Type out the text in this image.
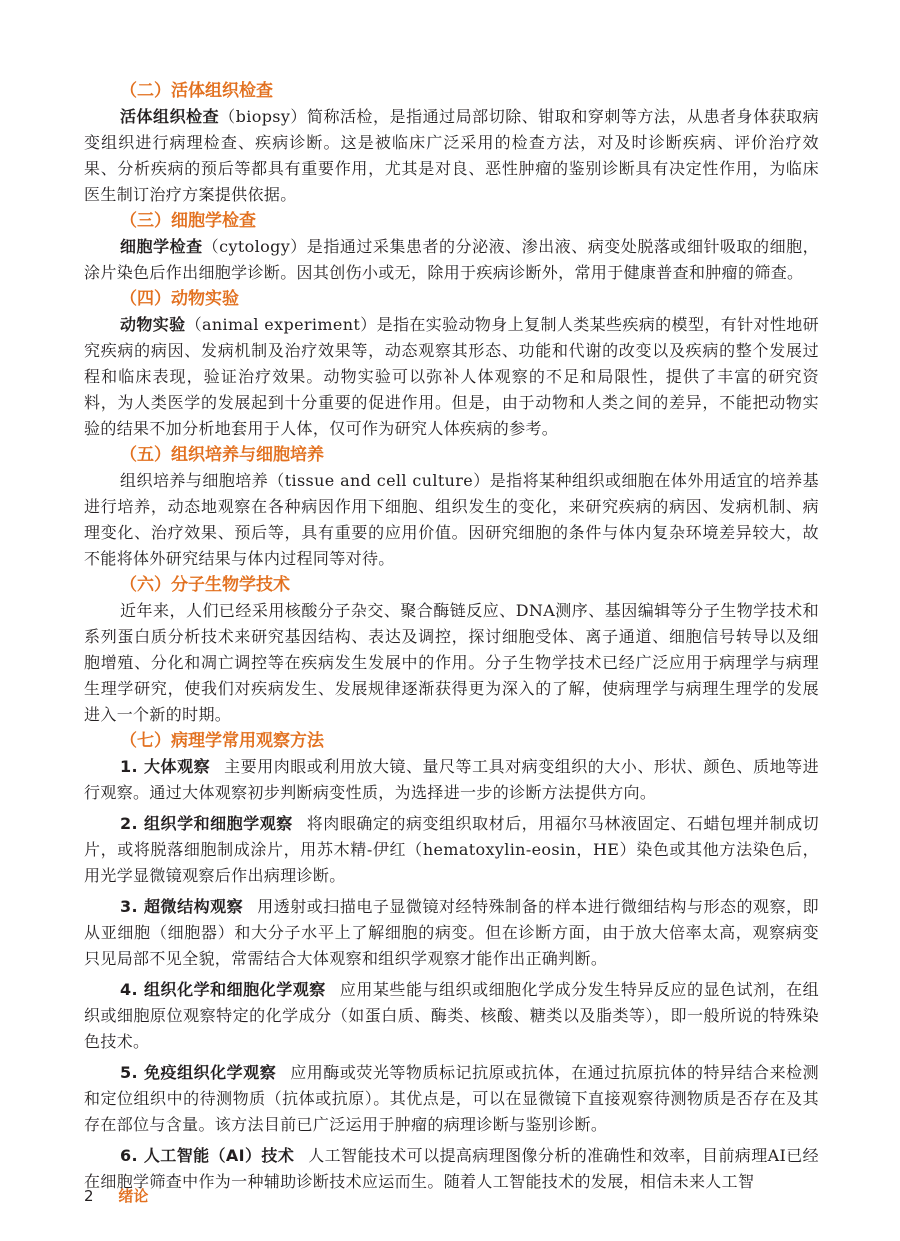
（二）活体组织检查

活体组织检查（biopsy）简称活检，是指通过局部切除、钳取和穿刺等方法，从患者身体获取病变组织进行病理检查、疾病诊断。这是被临床广泛采用的检查方法，对及时诊断疾病、评价治疗效果、分析疾病的预后等都具有重要作用，尤其是对良、恶性肿瘤的鉴别诊断具有决定性作用，为临床医生制订治疗方案提供依据。

（三）细胞学检查

细胞学检查（cytology）是指通过采集患者的分泌液、渗出液、病变处脱落或细针吸取的细胞，涂片染色后作出细胞学诊断。因其创伤小或无，除用于疾病诊断外，常用于健康普查和肿瘤的筛查。

（四）动物实验

动物实验（animal experiment）是指在实验动物身上复制人类某些疾病的模型，有针对性地研究疾病的病因、发病机制及治疗效果等，动态观察其形态、功能和代谢的改变以及疾病的整个发展过程和临床表现，验证治疗效果。动物实验可以弥补人体观察的不足和局限性，提供了丰富的研究资料，为人类医学的发展起到十分重要的促进作用。但是，由于动物和人类之间的差异，不能把动物实验的结果不加分析地套用于人体，仅可作为研究人体疾病的参考。

（五）组织培养与细胞培养

组织培养与细胞培养（tissue and cell culture）是指将某种组织或细胞在体外用适宜的培养基进行培养，动态地观察在各种病因作用下细胞、组织发生的变化，来研究疾病的病因、发病机制、病理变化、治疗效果、预后等，具有重要的应用价值。因研究细胞的条件与体内复杂环境差异较大，故不能将体外研究结果与体内过程同等对待。

（六）分子生物学技术

近年来，人们已经采用核酸分子杂交、聚合酶链反应、DNA测序、基因编辑等分子生物学技术和系列蛋白质分析技术来研究基因结构、表达及调控，探讨细胞受体、离子通道、细胞信号转导以及细胞增殖、分化和凋亡调控等在疾病发生发展中的作用。分子生物学技术已经广泛应用于病理学与病理生理学研究，使我们对疾病发生、发展规律逐渐获得更为深入的了解，使病理学与病理生理学的发展进入一个新的时期。

（七）病理学常用观察方法

1. 大体观察 主要用肉眼或利用放大镜、量尺等工具对病变组织的大小、形状、颜色、质地等进行观察。通过大体观察初步判断病变性质，为选择进一步的诊断方法提供方向。

2. 组织学和细胞学观察 将肉眼确定的病变组织取材后，用福尔马林液固定、石蜡包埋并制成切片，或将脱落细胞制成涂片，用苏木精-伊红（hematoxylin-eosin，HE）染色或其他方法染色后，用光学显微镜观察后作出病理诊断。

3. 超微结构观察 用透射或扫描电子显微镜对经特殊制备的样本进行微细结构与形态的观察，即从亚细胞（细胞器）和大分子水平上了解细胞的病变。但在诊断方面，由于放大倍率太高，观察病变只见局部不见全貌，常需结合大体观察和组织学观察才能作出正确判断。

4. 组织化学和细胞化学观察 应用某些能与组织或细胞化学成分发生特异反应的显色试剂，在组织或细胞原位观察特定的化学成分（如蛋白质、酶类、核酸、糖类以及脂类等），即一般所说的特殊染色技术。

5. 免疫组织化学观察 应用酶或荧光等物质标记抗原或抗体，在通过抗原抗体的特异结合来检测和定位组织中的待测物质（抗体或抗原）。其优点是，可以在显微镜下直接观察待测物质是否存在及其存在部位与含量。该方法目前已广泛运用于肿瘤的病理诊断与鉴别诊断。

6. 人工智能（AI）技术 人工智能技术可以提高病理图像分析的准确性和效率，目前病理AI已经在细胞学筛查中作为一种辅助诊断技术应运而生。随着人工智能技术的发展，相信未来人工智

2 绪论
